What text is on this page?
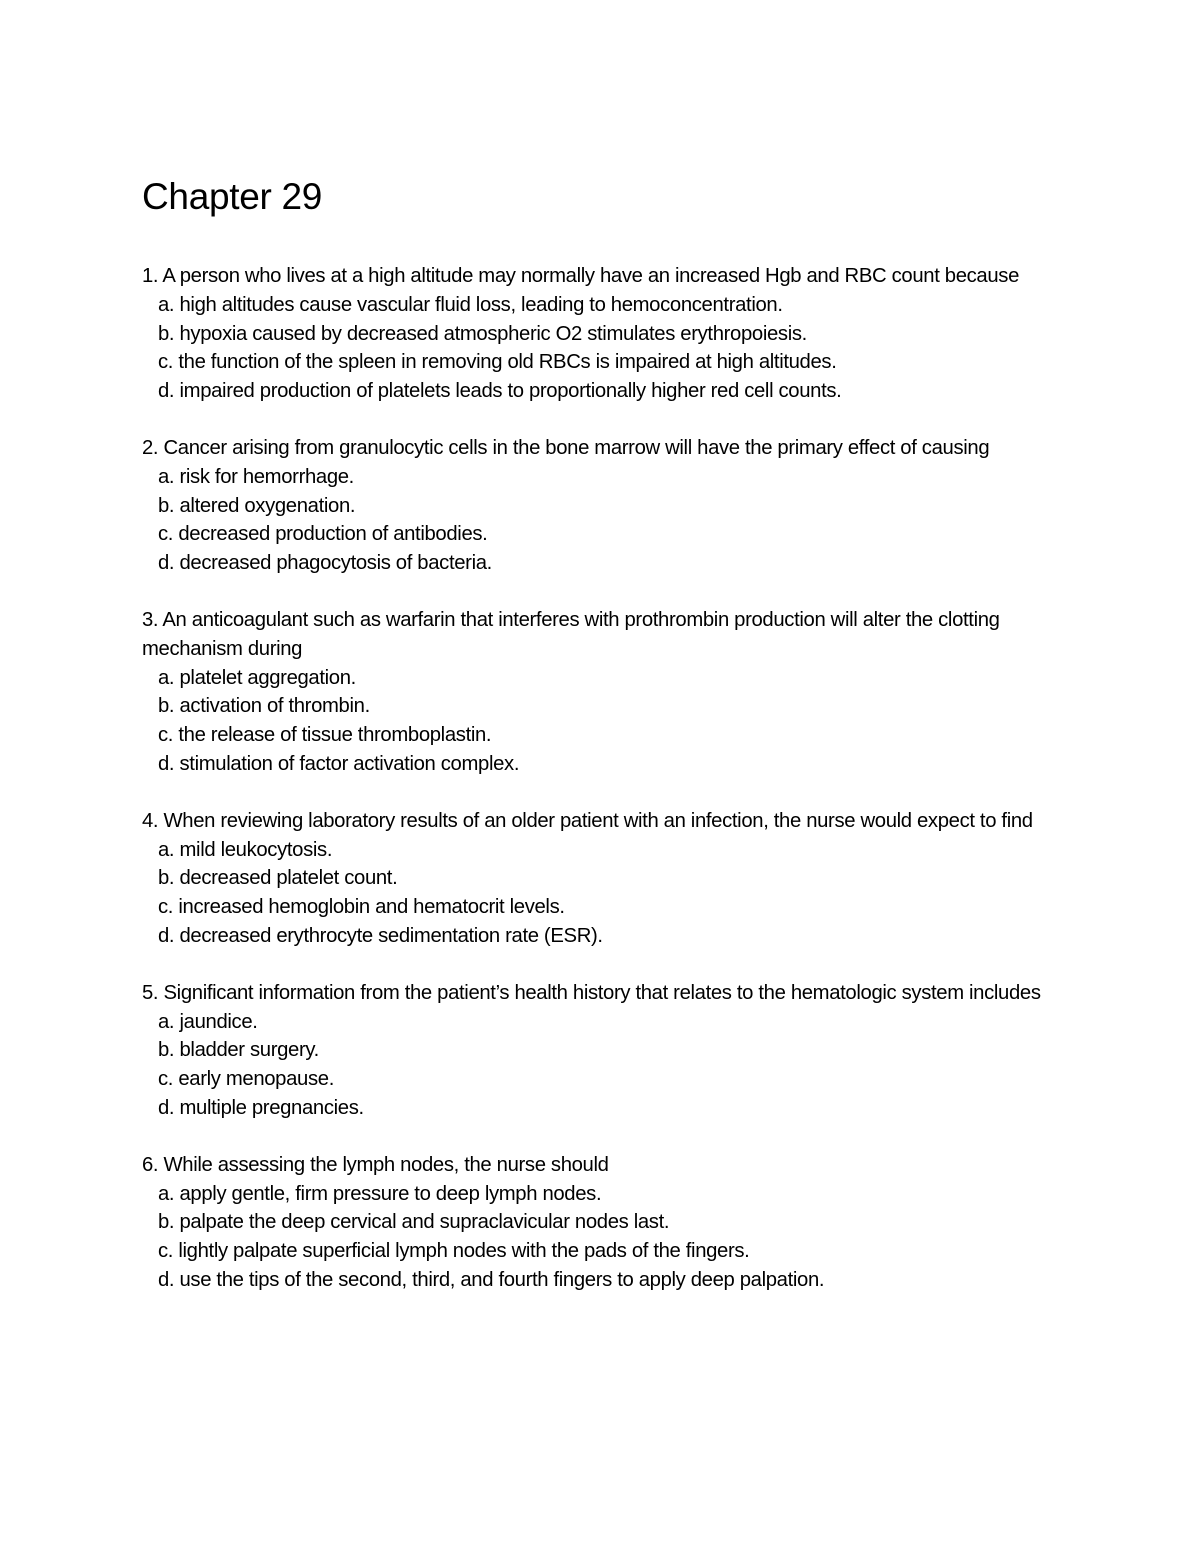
Chapter 29

1. A person who lives at a high altitude may normally have an increased Hgb and RBC count because

a. high altitudes cause vascular fluid loss, leading to hemoconcentration.

b. hypoxia caused by decreased atmospheric O2 stimulates erythropoiesis.

c. the function of the spleen in removing old RBCs is impaired at high altitudes.

d. impaired production of platelets leads to proportionally higher red cell counts.

2. Cancer arising from granulocytic cells in the bone marrow will have the primary effect of causing

a. risk for hemorrhage.

b. altered oxygenation.

c. decreased production of antibodies.

d. decreased phagocytosis of bacteria.

3. An anticoagulant such as warfarin that interferes with prothrombin production will alter the clotting mechanism during

a. platelet aggregation.

b. activation of thrombin.

c. the release of tissue thromboplastin.

d. stimulation of factor activation complex.

4. When reviewing laboratory results of an older patient with an infection, the nurse would expect to find

a. mild leukocytosis.

b. decreased platelet count.

c. increased hemoglobin and hematocrit levels.

d. decreased erythrocyte sedimentation rate (ESR).

5. Significant information from the patient’s health history that relates to the hematologic system includes

a. jaundice.

b. bladder surgery.

c. early menopause.

d. multiple pregnancies.

6. While assessing the lymph nodes, the nurse should

a. apply gentle, firm pressure to deep lymph nodes.

b. palpate the deep cervical and supraclavicular nodes last.

c. lightly palpate superficial lymph nodes with the pads of the fingers.

d. use the tips of the second, third, and fourth fingers to apply deep palpation.
